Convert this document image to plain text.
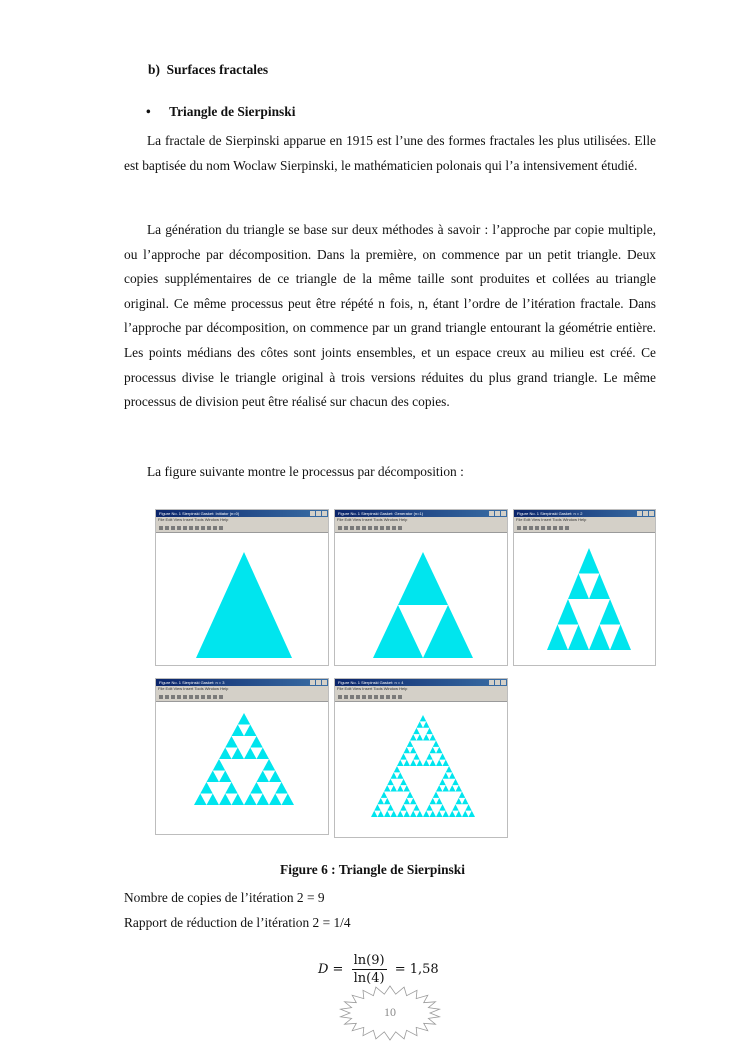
b) Surfaces fractales
• Triangle de Sierpinski

La fractale de Sierpinski apparue en 1915 est l’une des formes fractales les plus utilisées. Elle est baptisée du nom Woclaw Sierpinski, le mathématicien polonais qui l’a intensivement étudié.

La génération du triangle se base sur deux méthodes à savoir : l’approche par copie multiple, ou l’approche par décomposition. Dans la première, on commence par un petit triangle. Deux copies supplémentaires de ce triangle de la même taille sont produites et collées au triangle original. Ce même processus peut être répété n fois, n, étant l’ordre de l’itération fractale. Dans l’approche par décomposition, on commence par un grand triangle entourant la géométrie entière. Les points médians des côtes sont joints ensembles, et un espace creux au milieu est créé. Ce processus divise le triangle original à trois versions réduites du plus grand triangle. Le même processus de division peut être réalisé sur chacun des copies.

La figure suivante montre le processus par décomposition :

Figure No. 1 Sierpinski Gasket: Initiator (n=0)
File Edit View Insert Tools Window Help
Figure No. 1 Sierpinski Gasket: Generator (n=1)
File Edit View Insert Tools Window Help
Figure No. 1 Sierpinski Gasket: n = 2
File Edit View Insert Tools Window Help
Figure No. 1 Sierpinski Gasket: n = 3
File Edit View Insert Tools Window Help
Figure No. 1 Sierpinski Gasket: n = 4
File Edit View Insert Tools Window Help
Figure 6 : Triangle de Sierpinski
Nombre de copies de l’itération 2 = 9
Rapport de réduction de l’itération 2 = 1/4
$D = \frac{\ln(9)}{\ln(4)} = 1,58$
10
